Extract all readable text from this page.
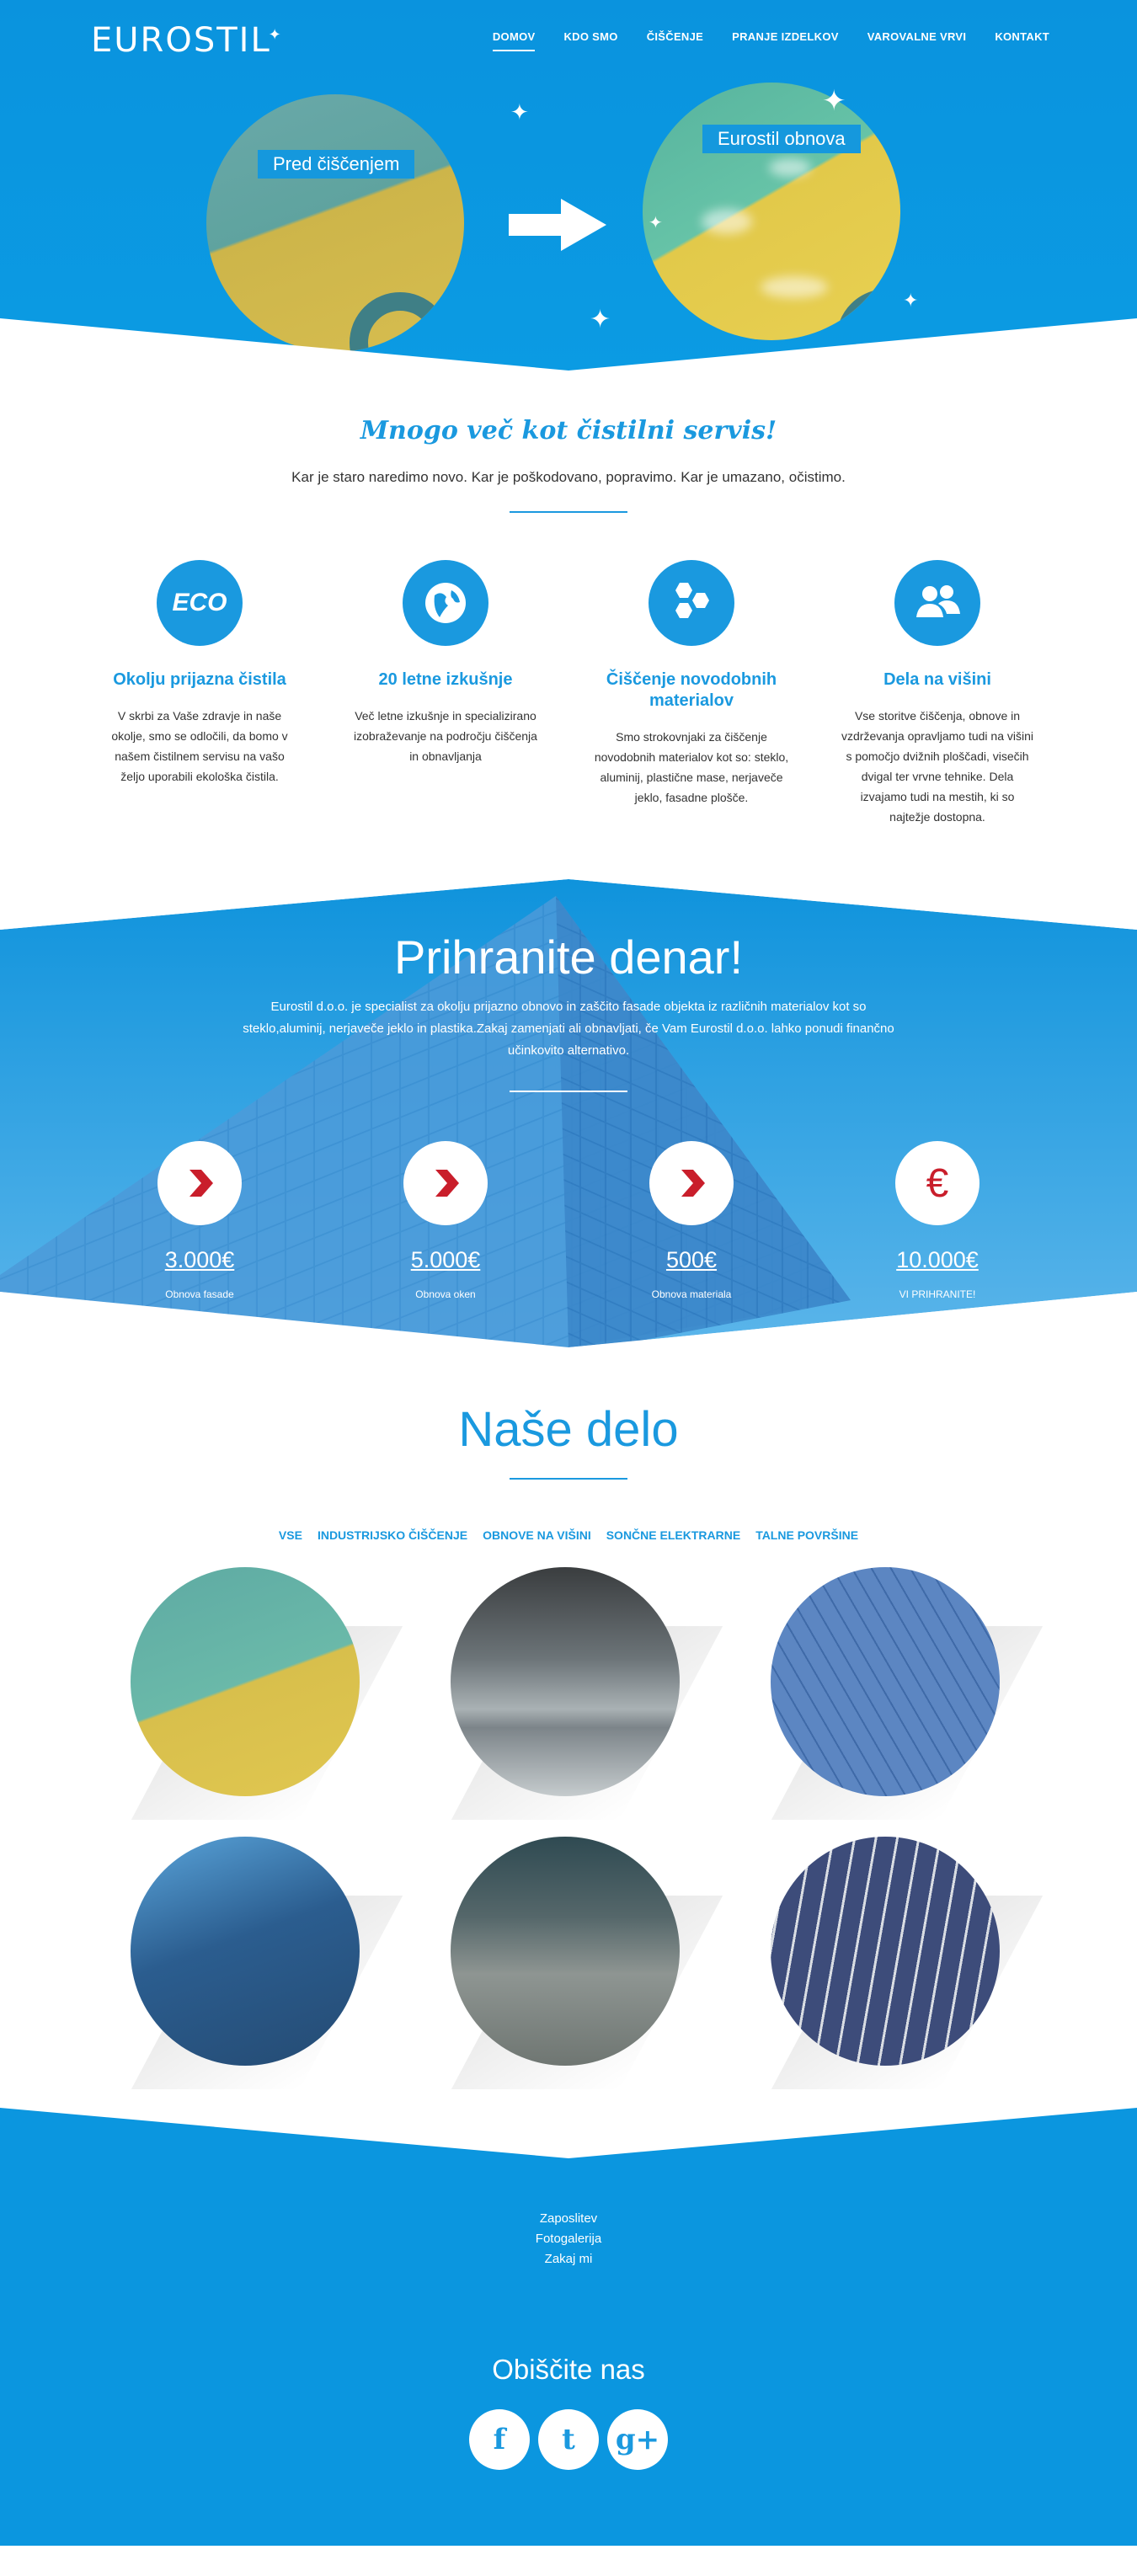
EUROSTIL
✦	DOMOV	KDO SMO	ČIŠČENJE	PRANJE IZDELKOV	VAROVALNE VRVI	KONTAKT
Pred čiščenjem
Eurostil obnova
✦	✦
✦
✦
✦
Mnogo več kot čistilni servis!

Kar je staro naredimo novo. Kar je poškodovano, popravimo. Kar je umazano, očistimo.

ECO
Okolju prijazna čistila

V skrbi za Vaše zdravje in naše okolje, smo se odločili, da bomo v našem čistilnem servisu na vašo željo uporabili ekološka čistila.

20 letne izkušnje

Več letne izkušnje in specializirano izobraževanje na področju čiščenja in obnavljanja

Čiščenje novodobnih materialov

Smo strokovnjaki za čiščenje novodobnih materialov kot so: steklo, aluminij, plastične mase, nerjaveče jeklo, fasadne plošče.

Dela na višini

Vse storitve čiščenja, obnove in vzdrževanja opravljamo tudi na višini s pomočjo dvižnih ploščadi, visečih dvigal ter vrvne tehnike. Dela izvajamo tudi na mestih, ki so najtežje dostopna.

Prihranite denar!

Eurostil d.o.o. je specialist za okolju prijazno obnovo in zaščito fasade objekta iz različnih materialov kot so steklo,aluminij, nerjaveče jeklo in plastika.Zakaj zamenjati ali obnavljati, če Vam Eurostil d.o.o. lahko ponudi finančno učinkovito alternativo.

3.000€
Obnova fasade
5.000€
Obnova oken
500€
Obnova materiala
€
10.000€
VI PRIHRANITE!
Naše delo
VSE INDUSTRIJSKO ČIŠČENJE OBNOVE NA VIŠINI SONČNE ELEKTRARNE TALNE POVRŠINE
Zaposlitev
Fotogalerija
Zakaj mi
Obiščite nas
f	t	g+
